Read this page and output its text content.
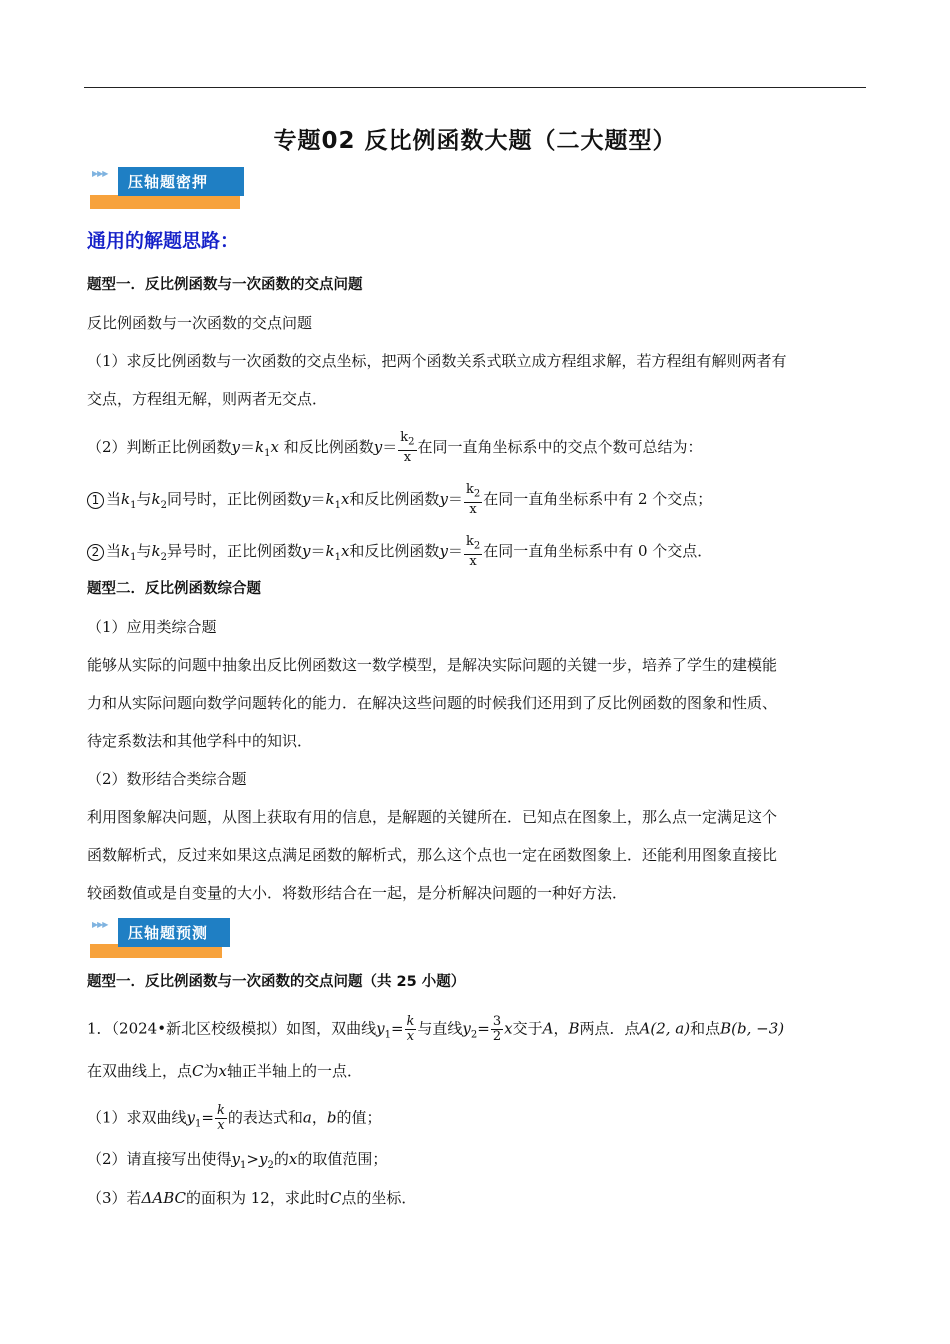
专题02 反比例函数大题（二大题型）
▶▶▶	压轴题密押
通用的解题思路：
题型一．反比例函数与一次函数的交点问题
反比例函数与一次函数的交点问题
（1）求反比例函数与一次函数的交点坐标，把两个函数关系式联立成方程组求解，若方程组有解则两者有
交点，方程组无解，则两者无交点．
（2）判断正比例函数$y=k_1x$ 和反比例函数$y= \frac{k_2}{x}$ 在同一直角坐标系中的交点个数可总结为：
1 当$k_1$与$k_2$同号时，正比例函数$y=k_1x$和反比例函数$y= \frac{k_2}{x}$ 在同一直角坐标系中有 2 个交点；
2 当$k_1$与$k_2$异号时，正比例函数$y=k_1x$和反比例函数$y= \frac{k_2}{x}$ 在同一直角坐标系中有 0 个交点．
题型二．反比例函数综合题
（1）应用类综合题
能够从实际的问题中抽象出反比例函数这一数学模型，是解决实际问题的关键一步，培养了学生的建模能
力和从实际问题向数学问题转化的能力．在解决这些问题的时候我们还用到了反比例函数的图象和性质、
待定系数法和其他学科中的知识．
（2）数形结合类综合题
利用图象解决问题，从图上获取有用的信息，是解题的关键所在．已知点在图象上，那么点一定满足这个
函数解析式，反过来如果这点满足函数的解析式，那么这个点也一定在函数图象上．还能利用图象直接比
较函数值或是自变量的大小．将数形结合在一起，是分析解决问题的一种好方法．
▶▶▶	压轴题预测
题型一．反比例函数与一次函数的交点问题（共 25 小题）
1．（2024•新北区校级模拟）如图，双曲线$y_1= \frac{k}{x}$ 与直线$y_2= \frac{3}{2}$ x交于A，B两点．点A(2, a)和点B(b, −3)
在双曲线上，点C为x轴正半轴上的一点．
（1）求双曲线$y_1= \frac{k}{x}$ 的表达式和a，b的值；
（2）请直接写出使得$y_1>y_2$的x的取值范围；
（3）若ΔABC的面积为 12，求此时C点的坐标．
